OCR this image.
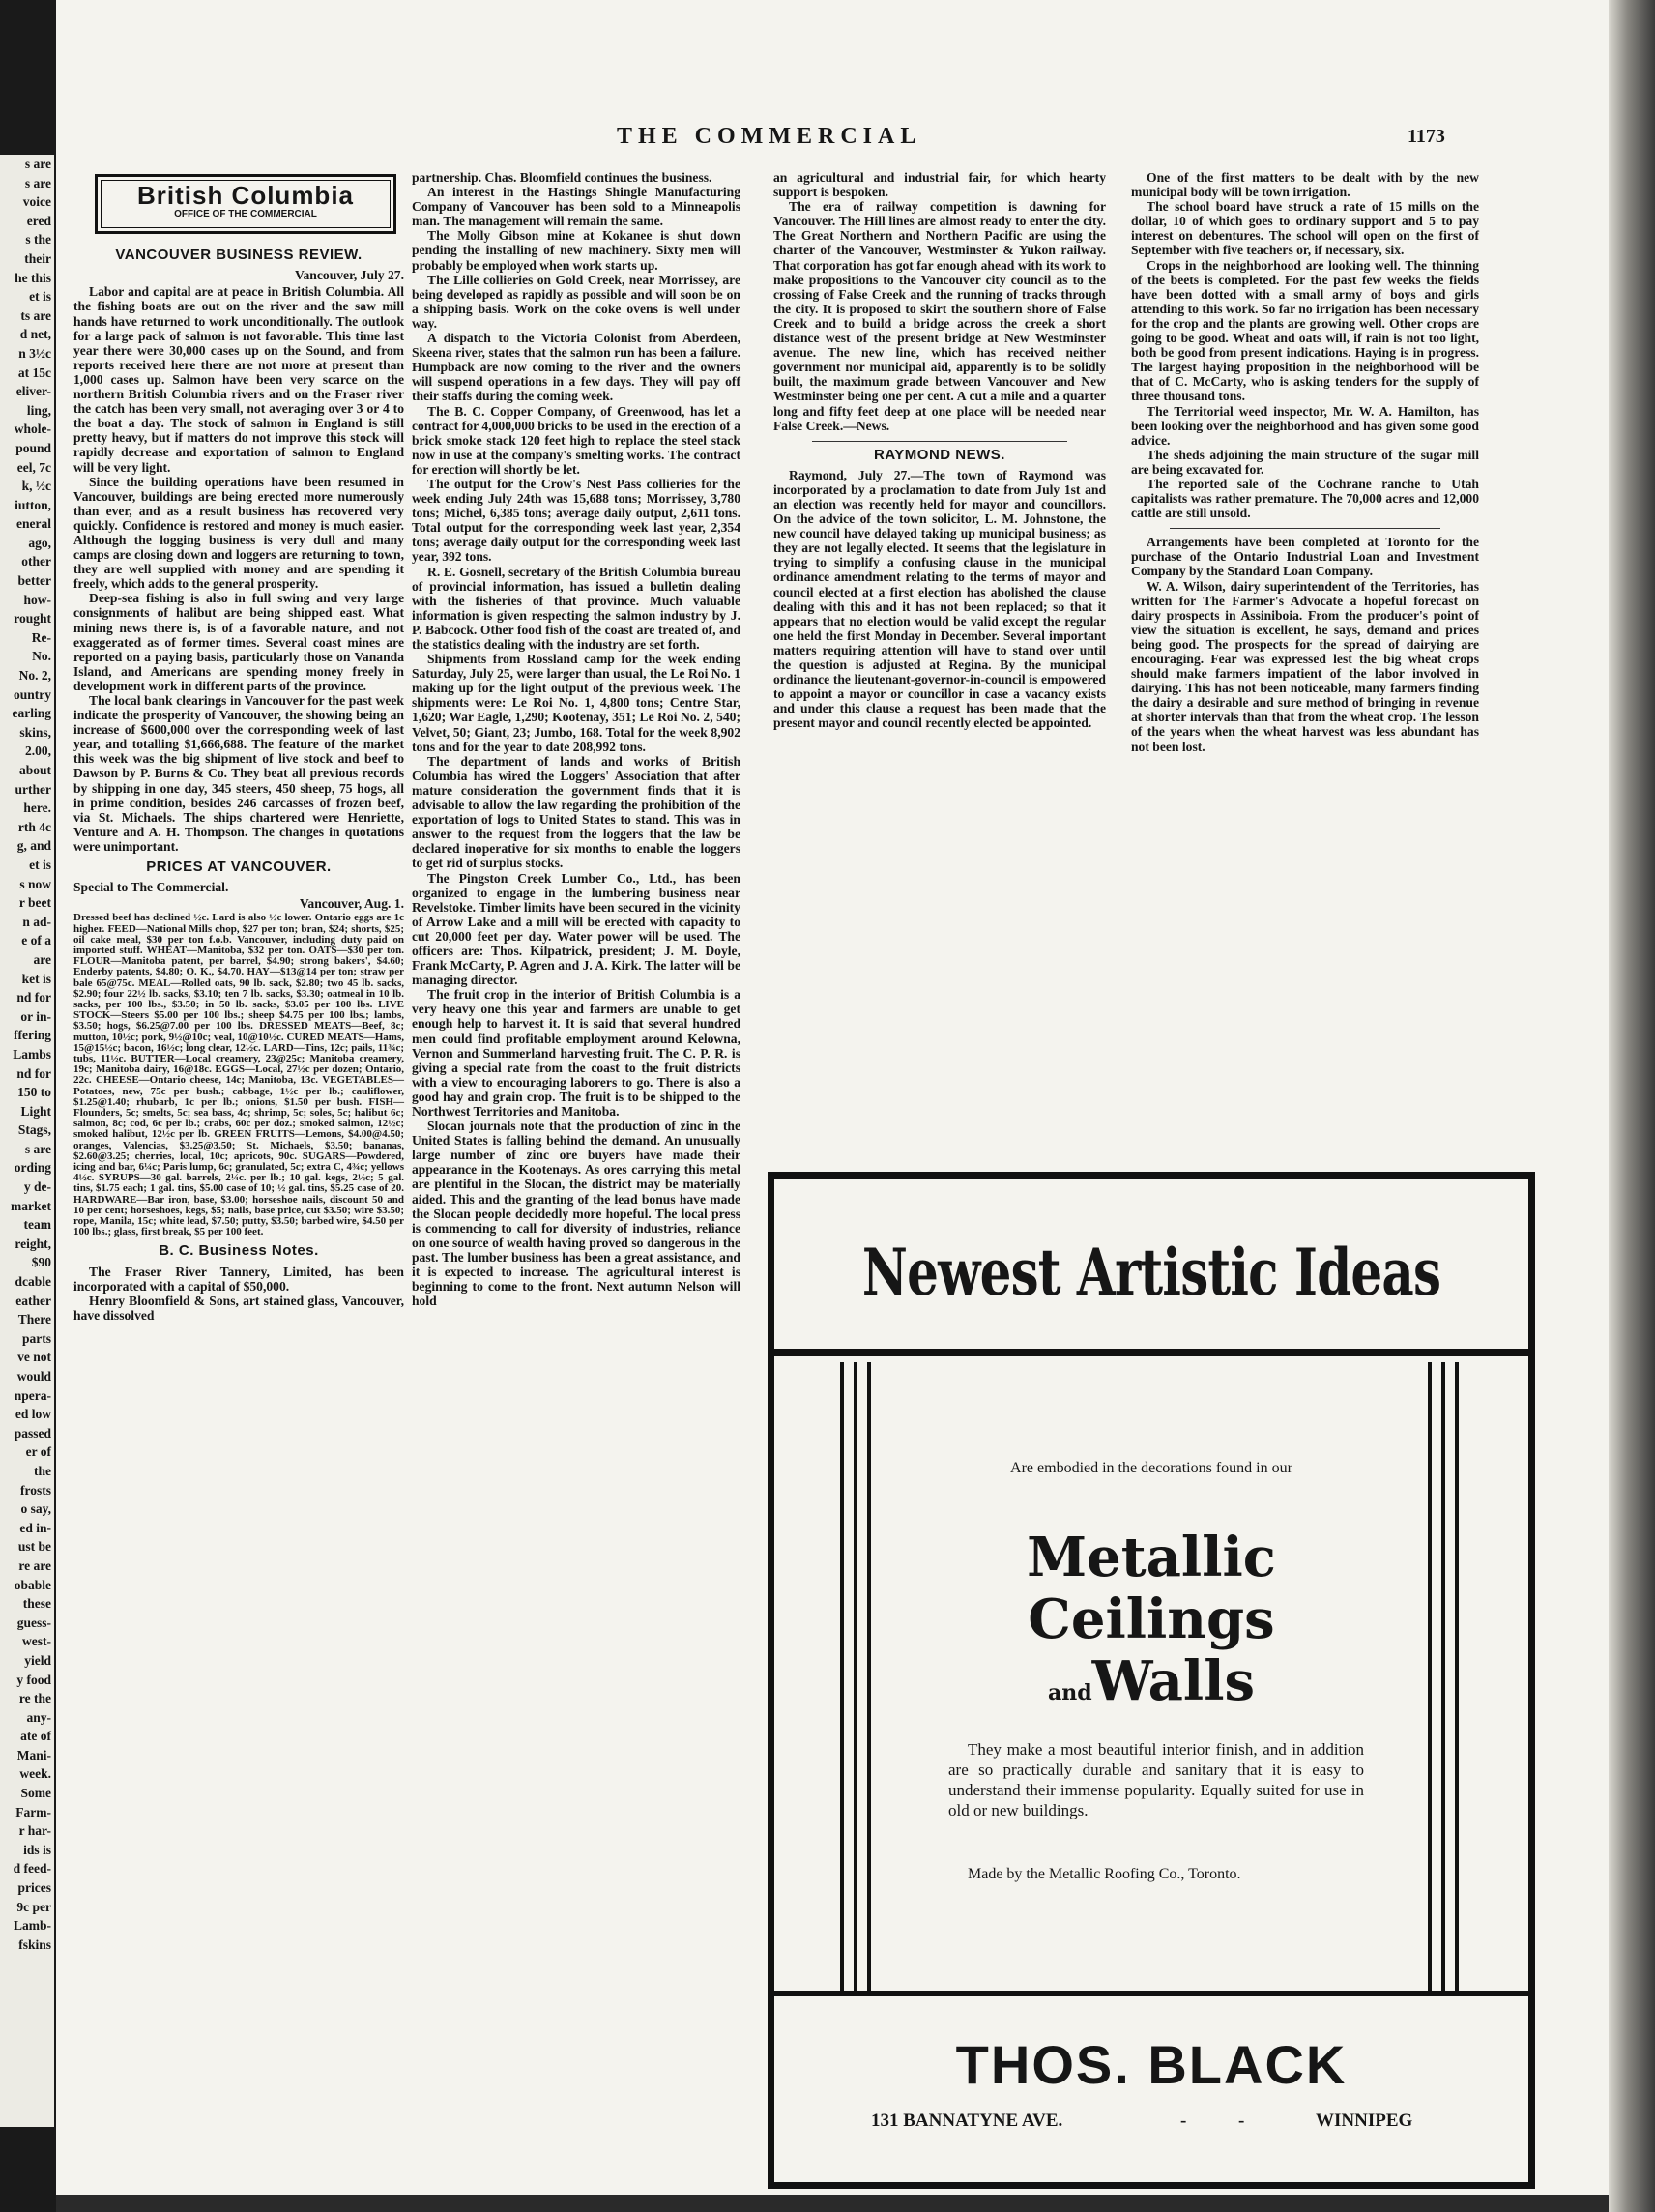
s are
s are
voice
ered
s the
their
he this
et is
ts are
d net,
n 3½c
at 15c
eliver-
ling,
whole-
pound
eel, 7c
k, ½c
iutton,
eneral
ago,
other
better
how-
rought
Re-
No.
No. 2,
ountry
earling
skins,
2.00,
about
urther
here.
rth 4c
g, and
et is
s now
r beet
n ad-
e of a
are
ket is
nd for
or in-
ffering
Lambs
nd for
150 to
Light
Stags,
s are
ording
y de-
market
team
reight,
$90
dcable
eather
There
parts
ve not
would
npera-
ed low
passed
er of
the
frosts
o say,
ed in-
ust be
re are
obable
these
guess-
west-
yield
y food
re the
any-
ate of
Mani-
week.
Some
Farm-
r har-
ids is
d feed-
prices
9c per
Lamb-
fskins
THE COMMERCIAL	1173
British Columbia
OFFICE OF THE COMMERCIAL
VANCOUVER BUSINESS REVIEW.
Vancouver, July 27.

Labor and capital are at peace in British Columbia. All the fishing boats are out on the river and the saw mill hands have returned to work unconditionally. The outlook for a large pack of salmon is not favorable. This time last year there were 30,000 cases up on the Sound, and from reports received here there are not more at present than 1,000 cases up. Salmon have been very scarce on the northern British Columbia rivers and on the Fraser river the catch has been very small, not averaging over 3 or 4 to the boat a day. The stock of salmon in England is still pretty heavy, but if matters do not improve this stock will rapidly decrease and exportation of salmon to England will be very light.

Since the building operations have been resumed in Vancouver, buildings are being erected more numerously than ever, and as a result business has recovered very quickly. Confidence is restored and money is much easier. Although the logging business is very dull and many camps are closing down and loggers are returning to town, they are well supplied with money and are spending it freely, which adds to the general prosperity.

Deep-sea fishing is also in full swing and very large consignments of halibut are being shipped east. What mining news there is, is of a favorable nature, and not exaggerated as of former times. Several coast mines are reported on a paying basis, particularly those on Vananda Island, and Americans are spending money freely in development work in different parts of the province.

The local bank clearings in Vancouver for the past week indicate the prosperity of Vancouver, the showing being an increase of $600,000 over the corresponding week of last year, and totalling $1,666,688. The feature of the market this week was the big shipment of live stock and beef to Dawson by P. Burns & Co. They beat all previous records by shipping in one day, 345 steers, 450 sheep, 75 hogs, all in prime condition, besides 246 carcasses of frozen beef, via St. Michaels. The ships chartered were Henriette, Venture and A. H. Thompson. The changes in quotations were unimportant.

PRICES AT VANCOUVER.
Special to The Commercial.
Vancouver, Aug. 1.

Dressed beef has declined ½c. Lard is also ½c lower. Ontario eggs are 1c higher. FEED—National Mills chop, $27 per ton; bran, $24; shorts, $25; oil cake meal, $30 per ton f.o.b. Vancouver, including duty paid on imported stuff. WHEAT—Manitoba, $32 per ton. OATS—$30 per ton. FLOUR—Manitoba patent, per barrel, $4.90; strong bakers', $4.60; Enderby patents, $4.80; O. K., $4.70. HAY—$13@14 per ton; straw per bale 65@75c. MEAL—Rolled oats, 90 lb. sack, $2.80; two 45 lb. sacks, $2.90; four 22½ lb. sacks, $3.10; ten 7 lb. sacks, $3.30; oatmeal in 10 lb. sacks, per 100 lbs., $3.50; in 50 lb. sacks, $3.05 per 100 lbs. LIVE STOCK—Steers $5.00 per 100 lbs.; sheep $4.75 per 100 lbs.; lambs, $3.50; hogs, $6.25@7.00 per 100 lbs. DRESSED MEATS—Beef, 8c; mutton, 10½c; pork, 9½@10c; veal, 10@10½c. CURED MEATS—Hams, 15@15½c; bacon, 16½c; long clear, 12½c. LARD—Tins, 12c; pails, 11¾c; tubs, 11½c. BUTTER—Local creamery, 23@25c; Manitoba creamery, 19c; Manitoba dairy, 16@18c. EGGS—Local, 27½c per dozen; Ontario, 22c. CHEESE—Ontario cheese, 14c; Manitoba, 13c. VEGETABLES—Potatoes, new, 75c per bush.; cabbage, 1½c per lb.; cauliflower, $1.25@1.40; rhubarb, 1c per lb.; onions, $1.50 per bush. FISH—Flounders, 5c; smelts, 5c; sea bass, 4c; shrimp, 5c; soles, 5c; halibut 6c; salmon, 8c; cod, 6c per lb.; crabs, 60c per doz.; smoked salmon, 12½c; smoked halibut, 12½c per lb. GREEN FRUITS—Lemons, $4.00@4.50; oranges, Valencias, $3.25@3.50; St. Michaels, $3.50; bananas, $2.60@3.25; cherries, local, 10c; apricots, 90c. SUGARS—Powdered, icing and bar, 6¼c; Paris lump, 6c; granulated, 5c; extra C, 4¾c; yellows 4½c. SYRUPS—30 gal. barrels, 2¼c. per lb.; 10 gal. kegs, 2½c; 5 gal. tins, $1.75 each; 1 gal. tins, $5.00 case of 10; ½ gal. tins, $5.25 case of 20. HARDWARE—Bar iron, base, $3.00; horseshoe nails, discount 50 and 10 per cent; horseshoes, kegs, $5; nails, base price, cut $3.50; wire $3.50; rope, Manila, 15c; white lead, $7.50; putty, $3.50; barbed wire, $4.50 per 100 lbs.; glass, first break, $5 per 100 feet.

B. C. Business Notes.

The Fraser River Tannery, Limited, has been incorporated with a capital of $50,000.

Henry Bloomfield & Sons, art stained glass, Vancouver, have dissolved

partnership. Chas. Bloomfield continues the business.

An interest in the Hastings Shingle Manufacturing Company of Vancouver has been sold to a Minneapolis man. The management will remain the same.

The Molly Gibson mine at Kokanee is shut down pending the installing of new machinery. Sixty men will probably be employed when work starts up.

The Lille collieries on Gold Creek, near Morrissey, are being developed as rapidly as possible and will soon be on a shipping basis. Work on the coke ovens is well under way.

A dispatch to the Victoria Colonist from Aberdeen, Skeena river, states that the salmon run has been a failure. Humpback are now coming to the river and the owners will suspend operations in a few days. They will pay off their staffs during the coming week.

The B. C. Copper Company, of Greenwood, has let a contract for 4,000,000 bricks to be used in the erection of a brick smoke stack 120 feet high to replace the steel stack now in use at the company's smelting works. The contract for erection will shortly be let.

The output for the Crow's Nest Pass collieries for the week ending July 24th was 15,688 tons; Morrissey, 3,780 tons; Michel, 6,385 tons; average daily output, 2,611 tons. Total output for the corresponding week last year, 2,354 tons; average daily output for the corresponding week last year, 392 tons.

R. E. Gosnell, secretary of the British Columbia bureau of provincial information, has issued a bulletin dealing with the fisheries of that province. Much valuable information is given respecting the salmon industry by J. P. Babcock. Other food fish of the coast are treated of, and the statistics dealing with the industry are set forth.

Shipments from Rossland camp for the week ending Saturday, July 25, were larger than usual, the Le Roi No. 1 making up for the light output of the previous week. The shipments were: Le Roi No. 1, 4,800 tons; Centre Star, 1,620; War Eagle, 1,290; Kootenay, 351; Le Roi No. 2, 540; Velvet, 50; Giant, 23; Jumbo, 168. Total for the week 8,902 tons and for the year to date 208,992 tons.

The department of lands and works of British Columbia has wired the Loggers' Association that after mature consideration the government finds that it is advisable to allow the law regarding the prohibition of the exportation of logs to United States to stand. This was in answer to the request from the loggers that the law be declared inoperative for six months to enable the loggers to get rid of surplus stocks.

The Pingston Creek Lumber Co., Ltd., has been organized to engage in the lumbering business near Revelstoke. Timber limits have been secured in the vicinity of Arrow Lake and a mill will be erected with capacity to cut 20,000 feet per day. Water power will be used. The officers are: Thos. Kilpatrick, president; J. M. Doyle, Frank McCarty, P. Agren and J. A. Kirk. The latter will be managing director.

The fruit crop in the interior of British Columbia is a very heavy one this year and farmers are unable to get enough help to harvest it. It is said that several hundred men could find profitable employment around Kelowna, Vernon and Summerland harvesting fruit. The C. P. R. is giving a special rate from the coast to the fruit districts with a view to encouraging laborers to go. There is also a good hay and grain crop. The fruit is to be shipped to the Northwest Territories and Manitoba.

Slocan journals note that the production of zinc in the United States is falling behind the demand. An unusually large number of zinc ore buyers have made their appearance in the Kootenays. As ores carrying this metal are plentiful in the Slocan, the district may be materially aided. This and the granting of the lead bonus have made the Slocan people decidedly more hopeful. The local press is commencing to call for diversity of industries, reliance on one source of wealth having proved so dangerous in the past. The lumber business has been a great assistance, and it is expected to increase. The agricultural interest is beginning to come to the front. Next autumn Nelson will hold

an agricultural and industrial fair, for which hearty support is bespoken.

The era of railway competition is dawning for Vancouver. The Hill lines are almost ready to enter the city. The Great Northern and Northern Pacific are using the charter of the Vancouver, Westminster & Yukon railway. That corporation has got far enough ahead with its work to make propositions to the Vancouver city council as to the crossing of False Creek and the running of tracks through the city. It is proposed to skirt the southern shore of False Creek and to build a bridge across the creek a short distance west of the present bridge at New Westminster avenue. The new line, which has received neither government nor municipal aid, apparently is to be solidly built, the maximum grade between Vancouver and New Westminster being one per cent. A cut a mile and a quarter long and fifty feet deep at one place will be needed near False Creek.—News.

RAYMOND NEWS.

Raymond, July 27.—The town of Raymond was incorporated by a proclamation to date from July 1st and an election was recently held for mayor and councillors. On the advice of the town solicitor, L. M. Johnstone, the new council have delayed taking up municipal business; as they are not legally elected. It seems that the legislature in trying to simplify a confusing clause in the municipal ordinance amendment relating to the terms of mayor and council elected at a first election has abolished the clause dealing with this and it has not been replaced; so that it appears that no election would be valid except the regular one held the first Monday in December. Several important matters requiring attention will have to stand over until the question is adjusted at Regina. By the municipal ordinance the lieutenant-governor-in-council is empowered to appoint a mayor or councillor in case a vacancy exists and under this clause a request has been made that the present mayor and council recently elected be appointed.

One of the first matters to be dealt with by the new municipal body will be town irrigation.

The school board have struck a rate of 15 mills on the dollar, 10 of which goes to ordinary support and 5 to pay interest on debentures. The school will open on the first of September with five teachers or, if necessary, six.

Crops in the neighborhood are looking well. The thinning of the beets is completed. For the past few weeks the fields have been dotted with a small army of boys and girls attending to this work. So far no irrigation has been necessary for the crop and the plants are growing well. Other crops are going to be good. Wheat and oats will, if rain is not too light, both be good from present indications. Haying is in progress. The largest haying proposition in the neighborhood will be that of C. McCarty, who is asking tenders for the supply of three thousand tons.

The Territorial weed inspector, Mr. W. A. Hamilton, has been looking over the neighborhood and has given some good advice.

The sheds adjoining the main structure of the sugar mill are being excavated for.

The reported sale of the Cochrane ranche to Utah capitalists was rather premature. The 70,000 acres and 12,000 cattle are still unsold.

Arrangements have been completed at Toronto for the purchase of the Ontario Industrial Loan and Investment Company by the Standard Loan Company.

W. A. Wilson, dairy superintendent of the Territories, has written for The Farmer's Advocate a hopeful forecast on dairy prospects in Assiniboia. From the producer's point of view the situation is excellent, he says, demand and prices being good. The prospects for the spread of dairying are encouraging. Fear was expressed lest the big wheat crops should make farmers impatient of the labor involved in dairying. This has not been noticeable, many farmers finding the dairy a desirable and sure method of bringing in revenue at shorter intervals than that from the wheat crop. The lesson of the years when the wheat harvest was less abundant has not been lost.

Newest Artistic Ideas
Are embodied in the decorations found in our
Metallic
Ceilings
andWalls

They make a most beautiful interior finish, and in addition are so practically durable and sanitary that it is easy to understand their immense popularity. Equally suited for use in old or new buildings.

Made by the Metallic Roofing Co., Toronto.
THOS. BLACK
131 BANNATYNE AVE.	-	-	WINNIPEG
